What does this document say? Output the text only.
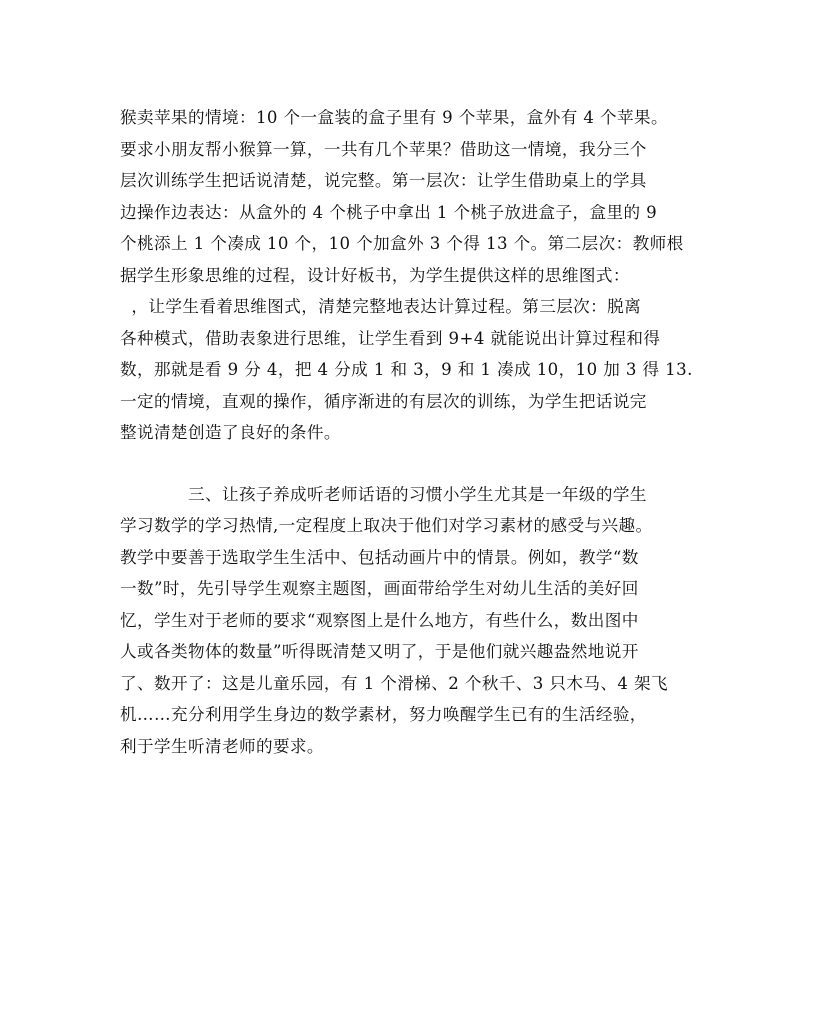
猴卖苹果的情境：10 个一盒装的盒子里有 9 个苹果，盒外有 4 个苹果。
要求小朋友帮小猴算一算，一共有几个苹果？借助这一情境，我分三个
层次训练学生把话说清楚，说完整。第一层次：让学生借助桌上的学具
边操作边表达：从盒外的 4 个桃子中拿出 1 个桃子放进盒子，盒里的 9
个桃添上 1 个凑成 10 个，10 个加盒外 3 个得 13 个。第二层次：教师根
据学生形象思维的过程，设计好板书，为学生提供这样的思维图式：
，让学生看着思维图式，清楚完整地表达计算过程。第三层次：脱离
各种模式，借助表象进行思维，让学生看到 9+4 就能说出计算过程和得
数，那就是看 9 分 4，把 4 分成 1 和 3，9 和 1 凑成 10，10 加 3 得 13.
一定的情境，直观的操作，循序渐进的有层次的训练，为学生把话说完
整说清楚创造了良好的条件。
三、让孩子养成听老师话语的习惯小学生尤其是一年级的学生
学习数学的学习热情,一定程度上取决于他们对学习素材的感受与兴趣。
教学中要善于选取学生生活中、包括动画片中的情景。例如，教学“数
一数”时，先引导学生观察主题图，画面带给学生对幼儿生活的美好回
忆，学生对于老师的要求“观察图上是什么地方，有些什么，数出图中
人或各类物体的数量”听得既清楚又明了，于是他们就兴趣盎然地说开
了、数开了：这是儿童乐园，有 1 个滑梯、2 个秋千、3 只木马、4 架飞
机……充分利用学生身边的数学素材，努力唤醒学生已有的生活经验，
利于学生听清老师的要求。
